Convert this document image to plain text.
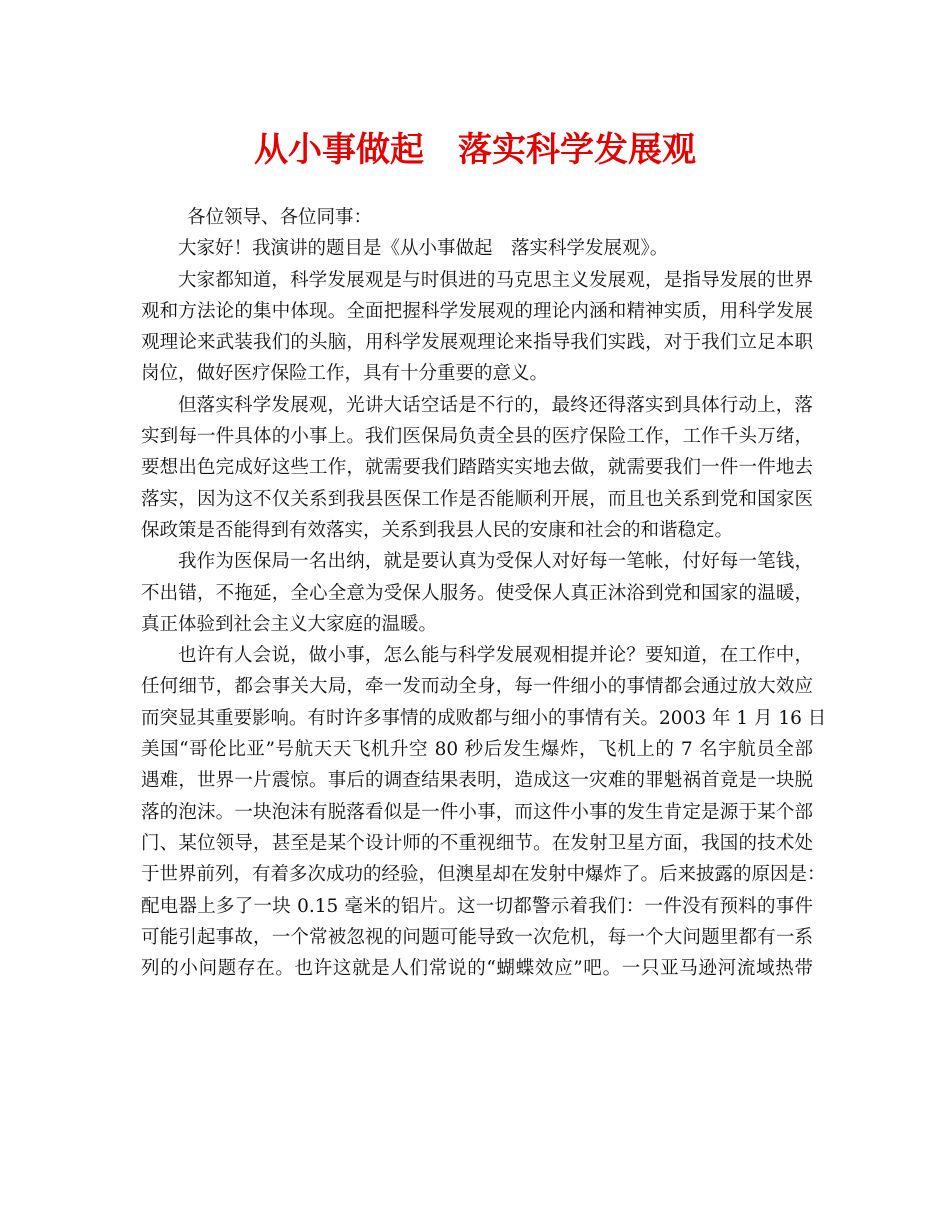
从小事做起　落实科学发展观
各位领导、各位同事：
大家好！我演讲的题目是《从小事做起　落实科学发展观》。
大家都知道，科学发展观是与时俱进的马克思主义发展观，是指导发展的世界
观和方法论的集中体现。全面把握科学发展观的理论内涵和精神实质，用科学发展
观理论来武装我们的头脑，用科学发展观理论来指导我们实践，对于我们立足本职
岗位，做好医疗保险工作，具有十分重要的意义。
但落实科学发展观，光讲大话空话是不行的，最终还得落实到具体行动上，落
实到每一件具体的小事上。我们医保局负责全县的医疗保险工作，工作千头万绪，
要想出色完成好这些工作，就需要我们踏踏实实地去做，就需要我们一件一件地去
落实，因为这不仅关系到我县医保工作是否能顺利开展，而且也关系到党和国家医
保政策是否能得到有效落实，关系到我县人民的安康和社会的和谐稳定。
我作为医保局一名出纳，就是要认真为受保人对好每一笔帐，付好每一笔钱，
不出错，不拖延，全心全意为受保人服务。使受保人真正沐浴到党和国家的温暖，
真正体验到社会主义大家庭的温暖。
也许有人会说，做小事，怎么能与科学发展观相提并论？要知道，在工作中，
任何细节，都会事关大局，牵一发而动全身，每一件细小的事情都会通过放大效应
而突显其重要影响。有时许多事情的成败都与细小的事情有关。2003 年 1 月 16 日
美国“哥伦比亚”号航天天飞机升空 80 秒后发生爆炸，飞机上的 7 名宇航员全部
遇难，世界一片震惊。事后的调查结果表明，造成这一灾难的罪魁祸首竟是一块脱
落的泡沫。一块泡沫有脱落看似是一件小事，而这件小事的发生肯定是源于某个部
门、某位领导，甚至是某个设计师的不重视细节。在发射卫星方面，我国的技术处
于世界前列，有着多次成功的经验，但澳星却在发射中爆炸了。后来披露的原因是：
配电器上多了一块 0.15 毫米的铝片。这一切都警示着我们：一件没有预料的事件
可能引起事故，一个常被忽视的问题可能导致一次危机，每一个大问题里都有一系
列的小问题存在。也许这就是人们常说的“蝴蝶效应”吧。一只亚马逊河流域热带
